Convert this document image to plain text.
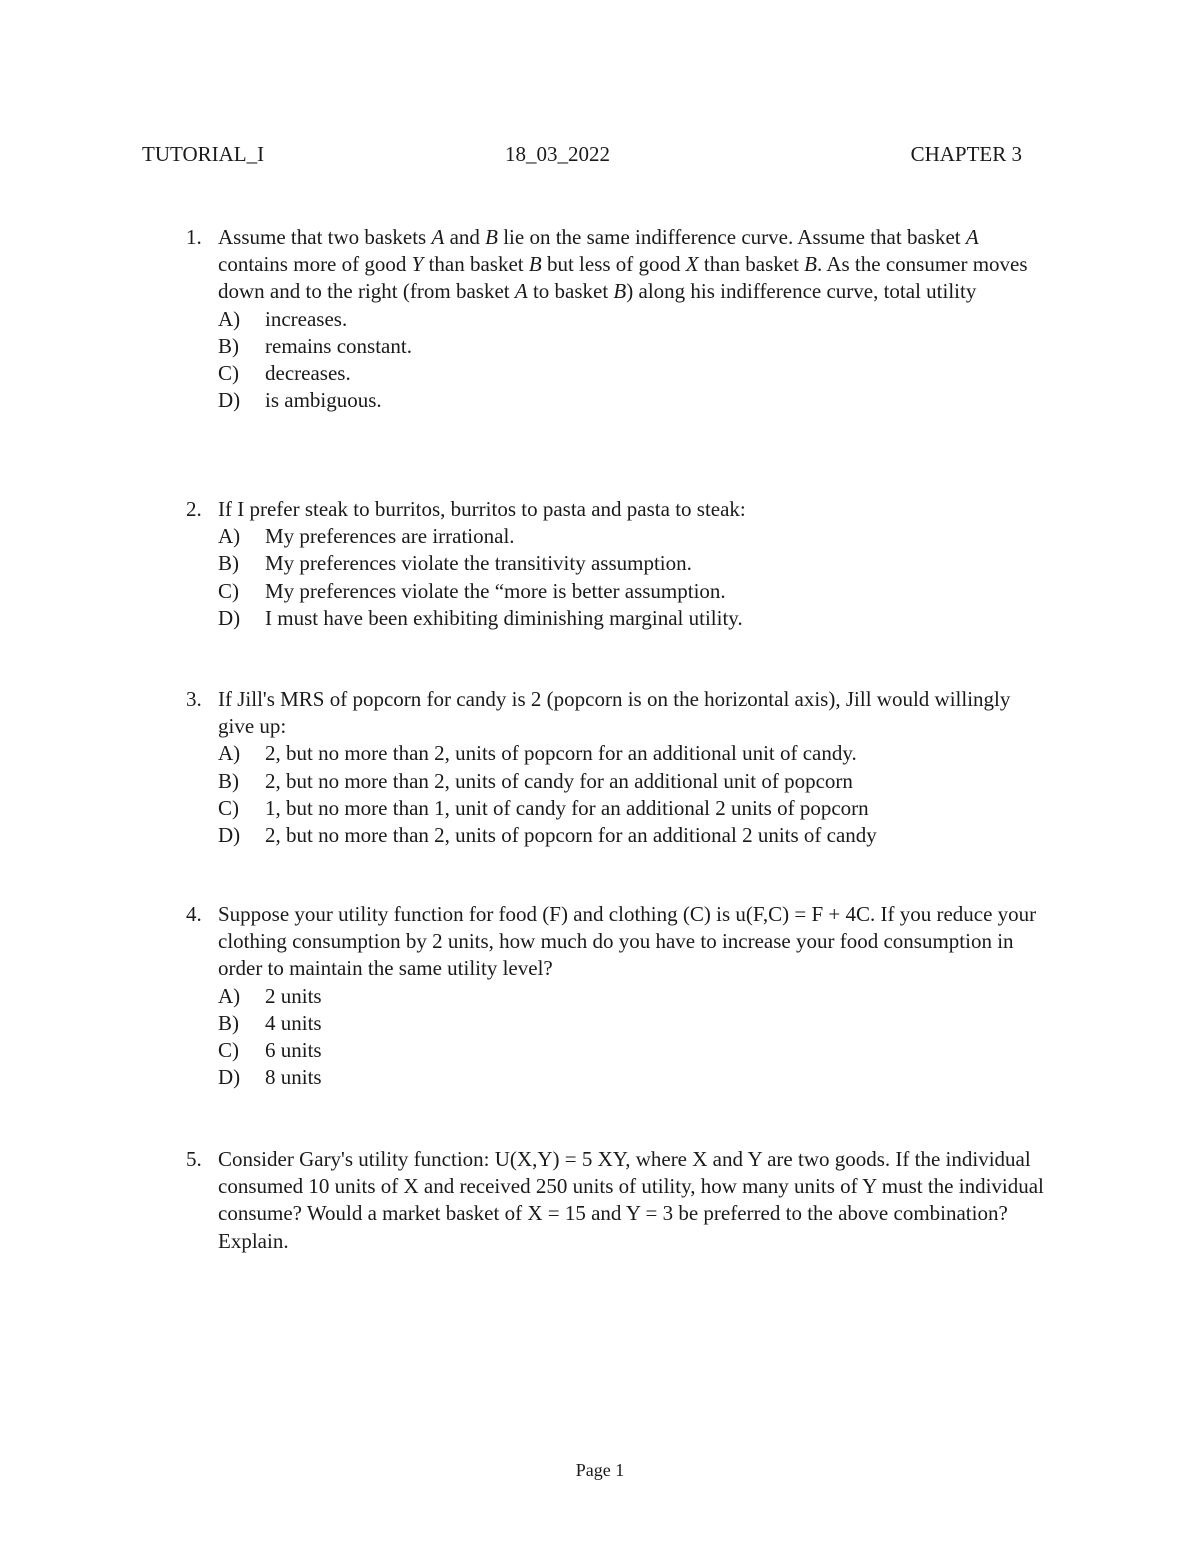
TUTORIAL_I	18_03_2022	CHAPTER 3
1. Assume that two baskets A and B lie on the same indifference curve. Assume that basket A contains more of good Y than basket B but less of good X than basket B. As the consumer moves down and to the right (from basket A to basket B) along his indifference curve, total utility

A) increases.
B) remains constant.
C) decreases.
D) is ambiguous.
2. If I prefer steak to burritos, burritos to pasta and pasta to steak:

A) My preferences are irrational.
B) My preferences violate the transitivity assumption.
C) My preferences violate the “more is better assumption.
D) I must have been exhibiting diminishing marginal utility.
3. If Jill's MRS of popcorn for candy is 2 (popcorn is on the horizontal axis), Jill would willingly give up:

A) 2, but no more than 2, units of popcorn for an additional unit of candy.
B) 2, but no more than 2, units of candy for an additional unit of popcorn
C) 1, but no more than 1, unit of candy for an additional 2 units of popcorn
D) 2, but no more than 2, units of popcorn for an additional 2 units of candy
4. Suppose your utility function for food (F) and clothing (C) is u(F,C) = F + 4C. If you reduce your clothing consumption by 2 units, how much do you have to increase your food consumption in order to maintain the same utility level?

A) 2 units
B) 4 units
C) 6 units
D) 8 units
5. Consider Gary's utility function: U(X,Y) = 5 XY, where X and Y are two goods. If the individual consumed 10 units of X and received 250 units of utility, how many units of Y must the individual consume? Would a market basket of X = 15 and Y = 3 be preferred to the above combination? Explain.

Page 1
